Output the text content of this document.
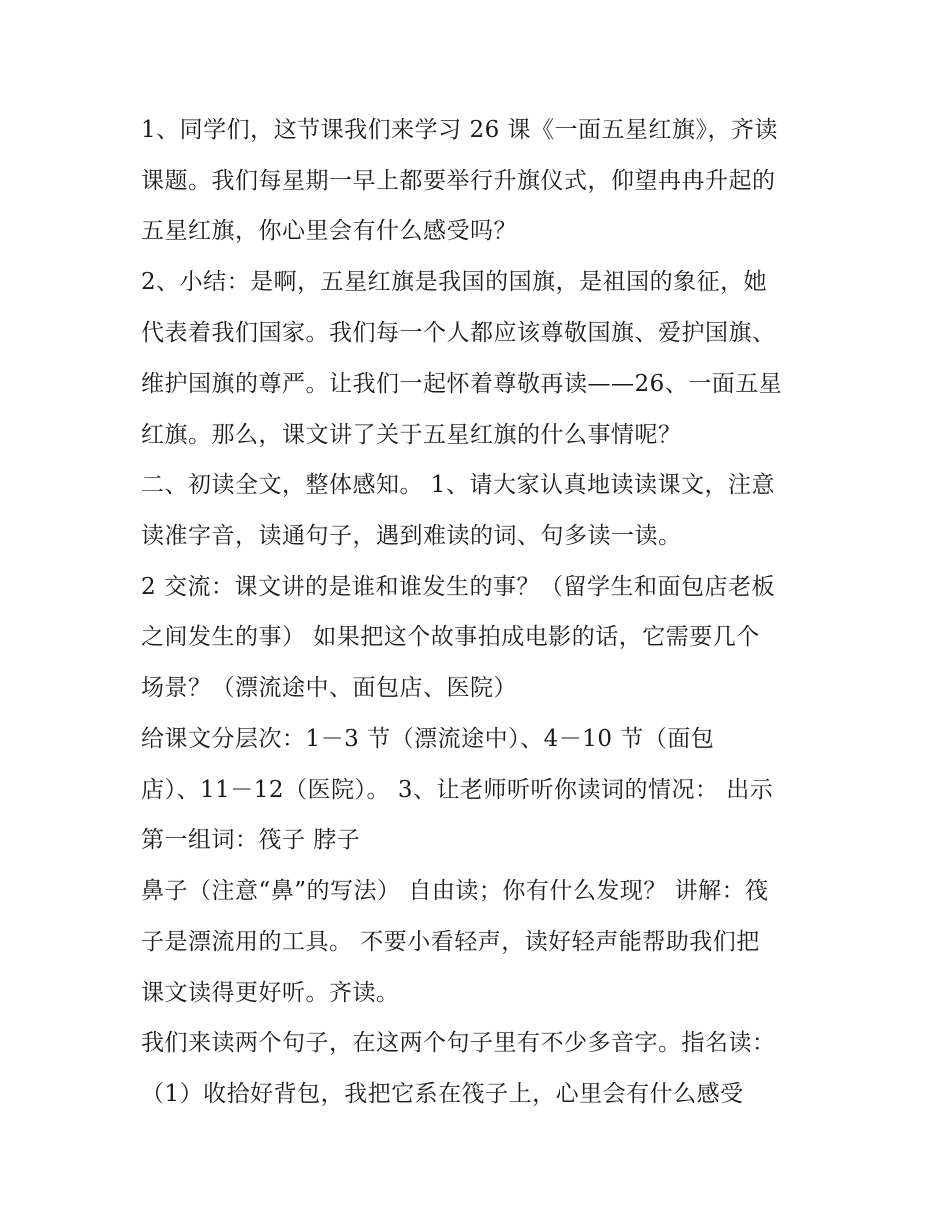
1、同学们，这节课我们来学习 26 课《一面五星红旗》，齐读
课题。我们每星期一早上都要举行升旗仪式，仰望冉冉升起的
五星红旗，你心里会有什么感受吗？
2、小结：是啊，五星红旗是我国的国旗，是祖国的象征，她
代表着我们国家。我们每一个人都应该尊敬国旗、爱护国旗、
维护国旗的尊严。让我们一起怀着尊敬再读——26、一面五星
红旗。那么，课文讲了关于五星红旗的什么事情呢？
二、初读全文，整体感知。 1、请大家认真地读读课文，注意
读准字音，读通句子，遇到难读的词、句多读一读。
2 交流：课文讲的是谁和谁发生的事？（留学生和面包店老板
之间发生的事） 如果把这个故事拍成电影的话，它需要几个
场景？（漂流途中、面包店、医院）
给课文分层次：1－3 节（漂流途中）、4－10 节（面包
店）、11－12（医院）。 3、让老师听听你读词的情况： 出示
第一组词：筏子 脖子
鼻子（注意“鼻”的写法） 自由读；你有什么发现？ 讲解：筏
子是漂流用的工具。 不要小看轻声，读好轻声能帮助我们把
课文读得更好听。齐读。
我们来读两个句子，在这两个句子里有不少多音字。指名读：
（1）收拾好背包，我把它系在筏子上，心里会有什么感受
